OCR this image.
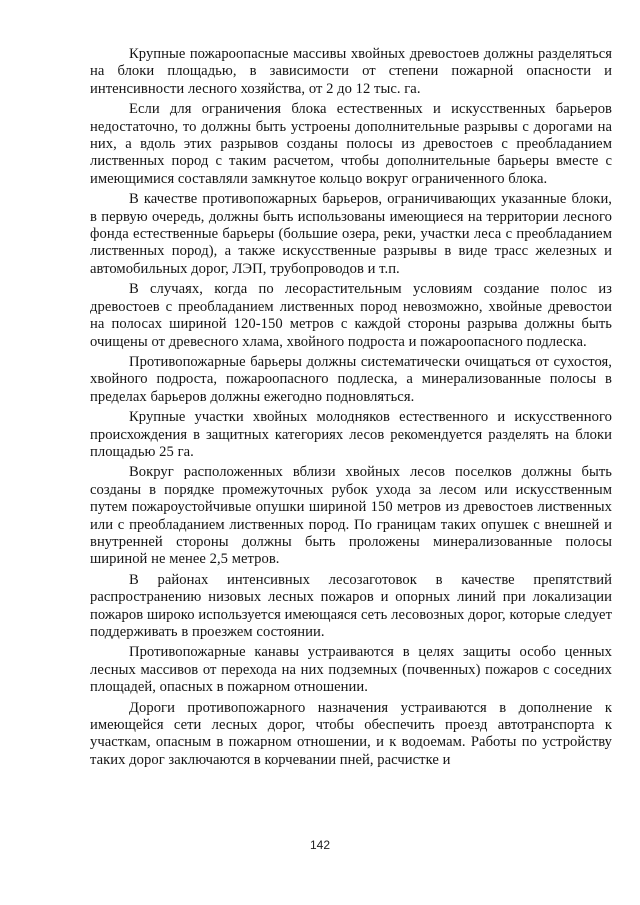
Крупные пожароопасные массивы хвойных древостоев должны разделяться на блоки площадью, в зависимости от степени пожарной опасности и интенсивности лесного хозяйства, от 2 до 12 тыс. га.

Если для ограничения блока естественных и искусственных барьеров недостаточно, то должны быть устроены дополнительные разрывы с дорогами на них, а вдоль этих разрывов созданы полосы из древостоев с преобладанием лиственных пород с таким расчетом, чтобы дополнительные барьеры вместе с имеющимися составляли замкнутое кольцо вокруг ограниченного блока.

В качестве противопожарных барьеров, ограничивающих указанные блоки, в первую очередь, должны быть использованы имеющиеся на территории лесного фонда естественные барьеры (большие озера, реки, участки леса с преобладанием лиственных пород), а также искусственные разрывы в виде трасс железных и автомобильных дорог, ЛЭП, трубопроводов и т.п.

В случаях, когда по лесорастительным условиям создание полос из древостоев с преобладанием лиственных пород невозможно, хвойные древостои на полосах шириной 120-150 метров с каждой стороны разрыва должны быть очищены от древесного хлама, хвойного подроста и пожароопасного подлеска.

Противопожарные барьеры должны систематически очищаться от сухостоя, хвойного подроста, пожароопасного подлеска, а минерализованные полосы в пределах барьеров должны ежегодно подновляться.

Крупные участки хвойных молодняков естественного и искусственного происхождения в защитных категориях лесов рекомендуется разделять на блоки площадью 25 га.

Вокруг расположенных вблизи хвойных лесов поселков должны быть созданы в порядке промежуточных рубок ухода за лесом или искусственным путем пожароустойчивые опушки шириной 150 метров из древостоев лиственных или с преобладанием лиственных пород. По границам таких опушек с внешней и внутренней стороны должны быть проложены минерализованные полосы шириной не менее 2,5 метров.

В районах интенсивных лесозаготовок в качестве препятствий распространению низовых лесных пожаров и опорных линий при локализации пожаров широко используется имеющаяся сеть лесовозных дорог, которые следует поддерживать в проезжем состоянии.

Противопожарные канавы устраиваются в целях защиты особо ценных лесных массивов от перехода на них подземных (почвенных) пожаров с соседних площадей, опасных в пожарном отношении.

Дороги противопожарного назначения устраиваются в дополнение к имеющейся сети лесных дорог, чтобы обеспечить проезд автотранспорта к участкам, опасным в пожарном отношении, и к водоемам. Работы по устройству таких дорог заключаются в корчевании пней, расчистке и

142
